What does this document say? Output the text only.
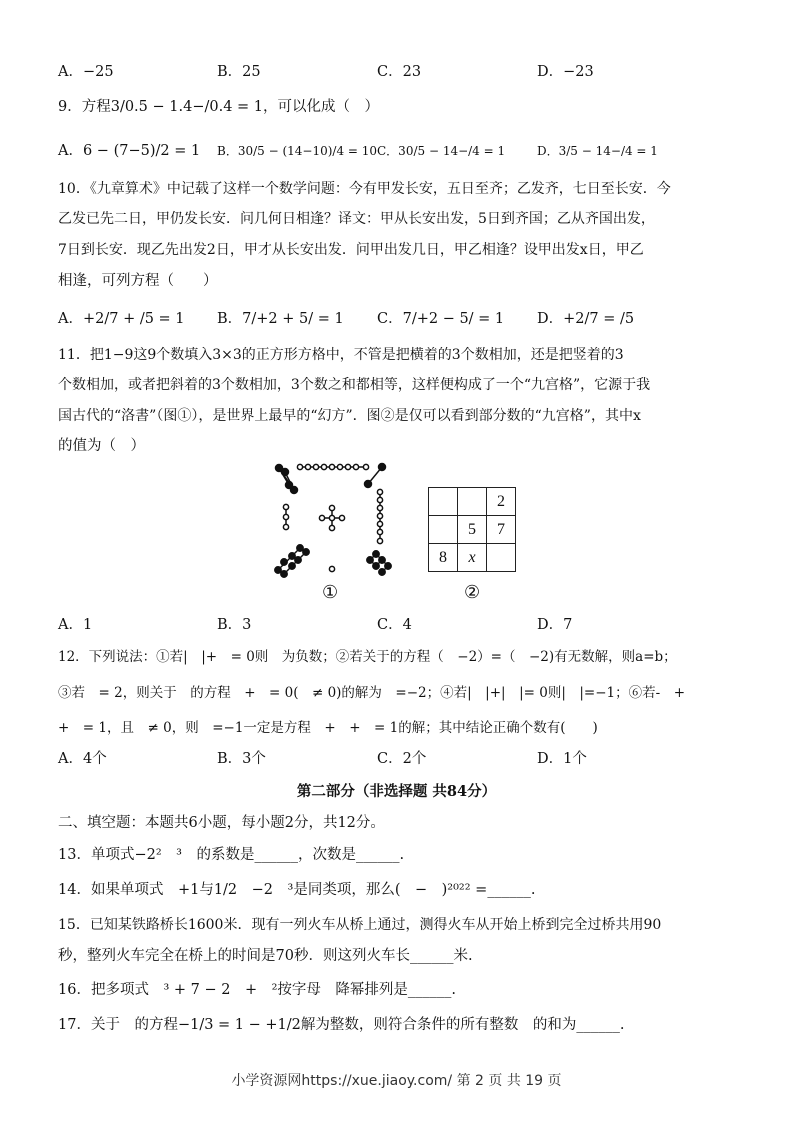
A．−25	B．25	C．23	D．−23
9．方程3/0.5 − 1.4−/0.4 = 1，可以化成（　）
A．6 − (7−5)/2 = 1 B．30/5 − (14−10)/4 = 10 C．30/5 − 14−/4 = 1	D．3/5 − 14−/4 = 1
10．《九章算术》中记载了这样一个数学问题：今有甲发长安，五日至齐；乙发齐，七日至长安．今
乙发已先二日，甲仍发长安．问几何日相逢？译文：甲从长安出发，5日到齐国；乙从齐国出发，
7日到长安．现乙先出发2日，甲才从长安出发．问甲出发几日，甲乙相逢？设甲出发x日，甲乙
相逢，可列方程（　　）
A．+2/7 + /5 = 1 B．7/+2 + 5/ = 1 C．7/+2 − 5/ = 1 D．+2/7 = /5
11．把1−9这9个数填入3×3的正方形方格中，不管是把横着的3个数相加，还是把竖着的3
个数相加，或者把斜着的3个数相加，3个数之和都相等，这样便构成了一个“九宫格”，它源于我
国古代的“洛書”（图①），是世界上最早的“幻方”．图②是仅可以看到部分数的“九宫格”，其中x
的值为（　）
①
		2
	5	7
8	x	
②
A．1	B．3	C．4	D．7
12．下列说法：①若|　|+　= 0则　为负数；②若关于的方程（　−2）=（　−2)有无数解，则a=b；
③若　= 2，则关于　的方程　+　= 0(　≠ 0)的解为　=−2；④若|　|+|　|= 0则|　|=−1；⑥若-　+
+　= 1，且　≠ 0，则　=−1一定是方程　+　+　= 1的解；其中结论正确个数有(　　)
A．4个	B．3个	C．2个	D．1个
第二部分（非选择题 共84分）
二、填空题：本题共6小题，每小题2分，共12分。
13．单项式−2²　³　的系数是______，次数是______.
14．如果单项式　+1与1/2　−2　³是同类项，那么(　−　)²⁰²² =______.
15．已知某铁路桥长1600米．现有一列火车从桥上通过，测得火车从开始上桥到完全过桥共用90
秒，整列火车完全在桥上的时间是70秒．则这列火车长______米.
16．把多项式　³ + 7 − 2　+　²按字母　降幂排列是______.
17．关于　的方程−1/3 = 1 − +1/2解为整数，则符合条件的所有整数　的和为______.
小学资源网https://xue.jiaoy.com/ 第 2 页 共 19 页
